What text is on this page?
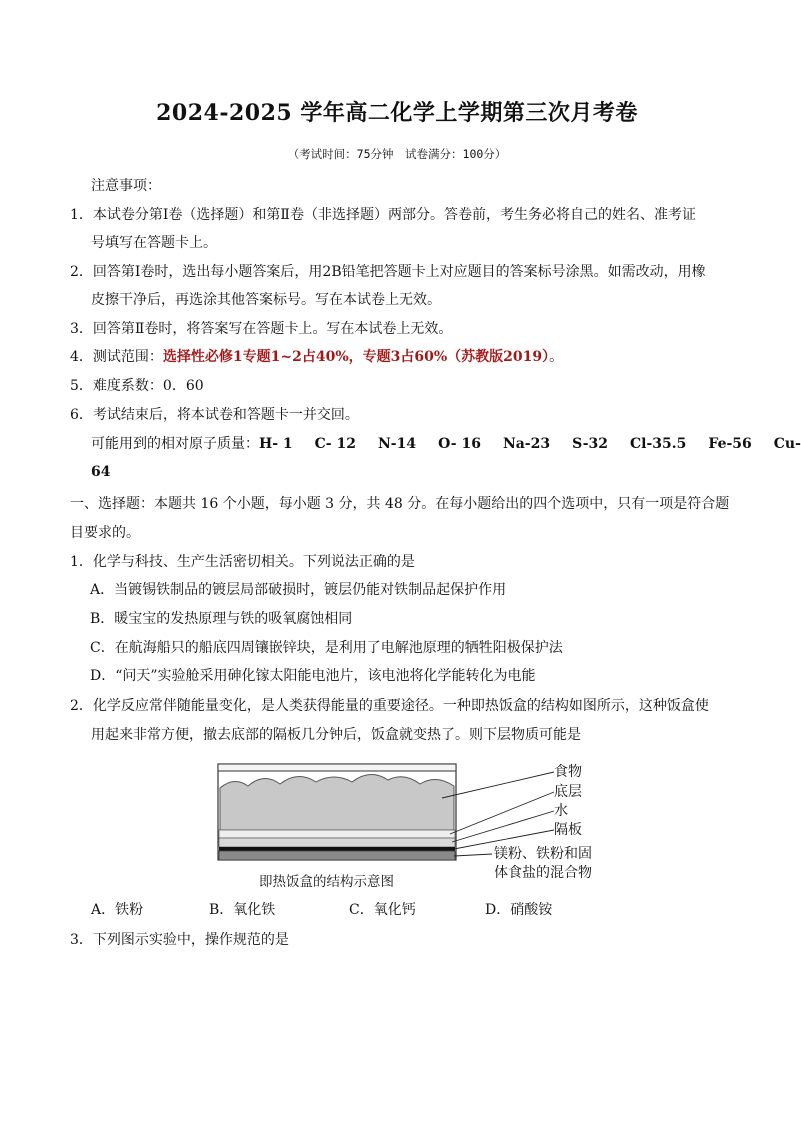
2024-2025 学年高二化学上学期第三次月考卷
（考试时间：75分钟　试卷满分：100分）
注意事项：
1．本试卷分第Ⅰ卷（选择题）和第Ⅱ卷（非选择题）两部分。答卷前，考生务必将自己的姓名、准考证
号填写在答题卡上。
2．回答第Ⅰ卷时，选出每小题答案后，用2B铅笔把答题卡上对应题目的答案标号涂黑。如需改动，用橡
皮擦干净后，再选涂其他答案标号。写在本试卷上无效。
3．回答第Ⅱ卷时，将答案写在答题卡上。写在本试卷上无效。
4．测试范围：选择性必修1专题1~2占40%，专题3占60%（苏教版2019）。
5．难度系数：0．60
6．考试结束后，将本试卷和答题卡一并交回。
可能用到的相对原子质量： H- 1 C- 12 N-14 O- 16 Na-23 S-32 Cl-35.5 Fe-56 Cu-
64
一、选择题：本题共 16 个小题，每小题 3 分，共 48 分。在每小题给出的四个选项中，只有一项是符合题
目要求的。
1．化学与科技、生产生活密切相关。下列说法正确的是
A．当镀锡铁制品的镀层局部破损时，镀层仍能对铁制品起保护作用
B．暖宝宝的发热原理与铁的吸氧腐蚀相同
C．在航海船只的船底四周镶嵌锌块，是利用了电解池原理的牺牲阳极保护法
D．“问天”实验舱采用砷化镓太阳能电池片，该电池将化学能转化为电能
2．化学反应常伴随能量变化，是人类获得能量的重要途径。一种即热饭盒的结构如图所示，这种饭盒使
用起来非常方便，撤去底部的隔板几分钟后，饭盒就变热了。则下层物质可能是
食物
底层
水
隔板
镁粉、铁粉和固
体食盐的混合物
即热饭盒的结构示意图
A．铁粉	B．氧化铁	C．氧化钙	D．硝酸铵
3．下列图示实验中，操作规范的是
